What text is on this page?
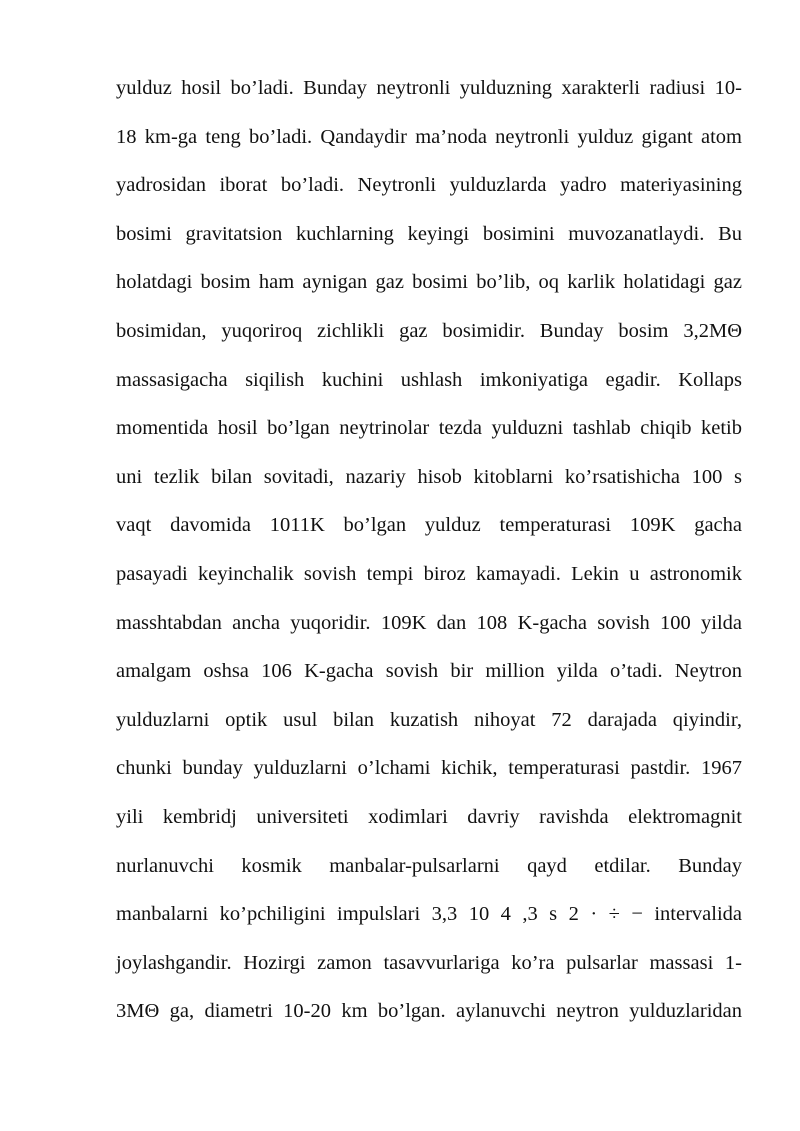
yulduz hosil bo’ladi. Bunday neytronli yulduzning xarakterli radiusi 10-
18 km-ga teng bo’ladi. Qandaydir ma’noda neytronli yulduz gigant atom
yadrosidan iborat bo’ladi. Neytronli yulduzlarda yadro materiyasining
bosimi gravitatsion kuchlarning keyingi bosimini muvozanatlaydi. Bu
holatdagi bosim ham aynigan gaz bosimi bo’lib, oq karlik holatidagi gaz
bosimidan, yuqoriroq zichlikli gaz bosimidir. Bunday bosim 3,2MΘ
massasigacha siqilish kuchini ushlash imkoniyatiga egadir. Kollaps
momentida hosil bo’lgan neytrinolar tezda yulduzni tashlab chiqib ketib
uni tezlik bilan sovitadi, nazariy hisob kitoblarni ko’rsatishicha 100 s
vaqt davomida 1011K bo’lgan yulduz temperaturasi 109K gacha
pasayadi keyinchalik sovish tempi biroz kamayadi. Lekin u astronomik
masshtabdan ancha yuqoridir. 109K dan 108 K-gacha sovish 100 yilda
amalgam oshsa 106 K-gacha sovish bir million yilda o’tadi. Neytron
yulduzlarni optik usul bilan kuzatish nihoyat 72 darajada qiyindir,
chunki bunday yulduzlarni o’lchami kichik, temperaturasi pastdir. 1967
yili kembridj universiteti xodimlari davriy ravishda elektromagnit
nurlanuvchi kosmik manbalar-pulsarlarni qayd etdilar. Bunday
manbalarni ko’pchiligini impulslari 3,3 10 4 ,3 s 2 · ÷ − intervalida
joylashgandir. Hozirgi zamon tasavvurlariga ko’ra pulsarlar massasi 1-
3MΘ ga, diametri 10-20 km bo’lgan. aylanuvchi neytron yulduzlaridan
